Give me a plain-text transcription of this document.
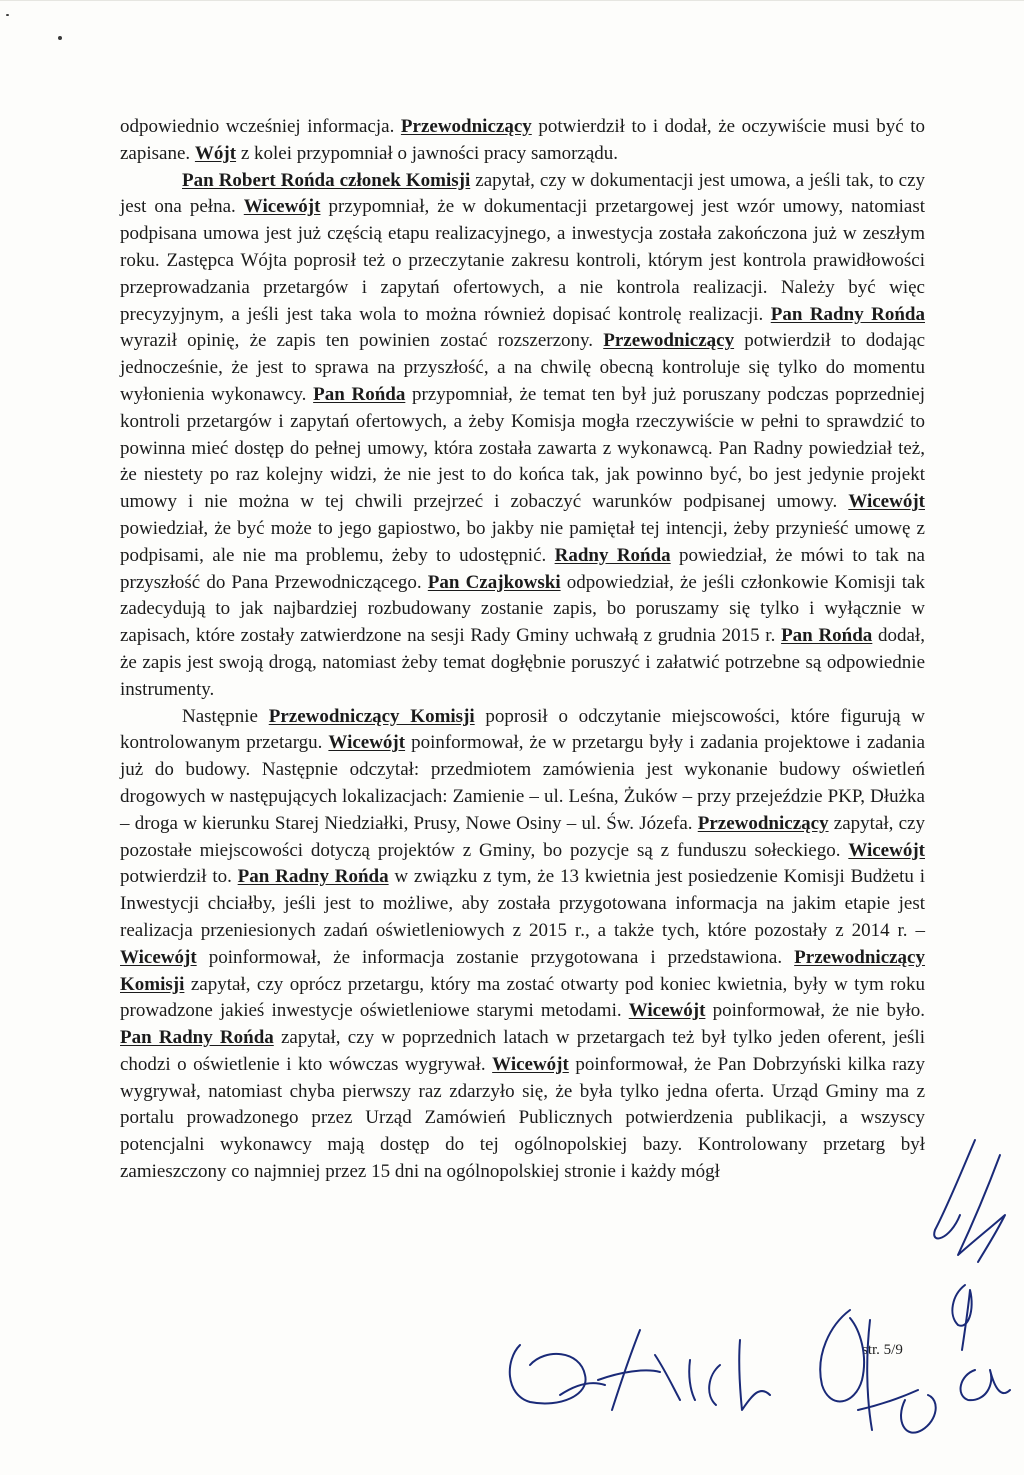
odpowiednio wcześniej informacja. Przewodniczący potwierdził to i dodał, że oczywiście musi być to zapisane. Wójt z kolei przypomniał o jawności pracy samorządu.

Pan Robert Rońda członek Komisji zapytał, czy w dokumentacji jest umowa, a jeśli tak, to czy jest ona pełna. Wicewójt przypomniał, że w dokumentacji przetargowej jest wzór umowy, natomiast podpisana umowa jest już częścią etapu realizacyjnego, a inwestycja została zakończona już w zeszłym roku. Zastępca Wójta poprosił też o przeczytanie zakresu kontroli, którym jest kontrola prawidłowości przeprowadzania przetargów i zapytań ofertowych, a nie kontrola realizacji. Należy być więc precyzyjnym, a jeśli jest taka wola to można również dopisać kontrolę realizacji. Pan Radny Rońda wyraził opinię, że zapis ten powinien zostać rozszerzony. Przewodniczący potwierdził to dodając jednocześnie, że jest to sprawa na przyszłość, a na chwilę obecną kontroluje się tylko do momentu wyłonienia wykonawcy. Pan Rońda przypomniał, że temat ten był już poruszany podczas poprzedniej kontroli przetargów i zapytań ofertowych, a żeby Komisja mogła rzeczywiście w pełni to sprawdzić to powinna mieć dostęp do pełnej umowy, która została zawarta z wykonawcą. Pan Radny powiedział też, że niestety po raz kolejny widzi, że nie jest to do końca tak, jak powinno być, bo jest jedynie projekt umowy i nie można w tej chwili przejrzeć i zobaczyć warunków podpisanej umowy. Wicewójt powiedział, że być może to jego gapiostwo, bo jakby nie pamiętał tej intencji, żeby przynieść umowę z podpisami, ale nie ma problemu, żeby to udostępnić. Radny Rońda powiedział, że mówi to tak na przyszłość do Pana Przewodniczącego. Pan Czajkowski odpowiedział, że jeśli członkowie Komisji tak zadecydują to jak najbardziej rozbudowany zostanie zapis, bo poruszamy się tylko i wyłącznie w zapisach, które zostały zatwierdzone na sesji Rady Gminy uchwałą z grudnia 2015 r. Pan Rońda dodał, że zapis jest swoją drogą, natomiast żeby temat dogłębnie poruszyć i załatwić potrzebne są odpowiednie instrumenty.

Następnie Przewodniczący Komisji poprosił o odczytanie miejscowości, które figurują w kontrolowanym przetargu. Wicewójt poinformował, że w przetargu były i zadania projektowe i zadania już do budowy. Następnie odczytał: przedmiotem zamówienia jest wykonanie budowy oświetleń drogowych w następujących lokalizacjach: Zamienie – ul. Leśna, Żuków – przy przejeździe PKP, Dłużka – droga w kierunku Starej Niedziałki, Prusy, Nowe Osiny – ul. Św. Józefa. Przewodniczący zapytał, czy pozostałe miejscowości dotyczą projektów z Gminy, bo pozycje są z funduszu sołeckiego. Wicewójt potwierdził to. Pan Radny Rońda w związku z tym, że 13 kwietnia jest posiedzenie Komisji Budżetu i Inwestycji chciałby, jeśli jest to możliwe, aby została przygotowana informacja na jakim etapie jest realizacja przeniesionych zadań oświetleniowych z 2015 r., a także tych, które pozostały z 2014 r. – Wicewójt poinformował, że informacja zostanie przygotowana i przedstawiona. Przewodniczący Komisji zapytał, czy oprócz przetargu, który ma zostać otwarty pod koniec kwietnia, były w tym roku prowadzone jakieś inwestycje oświetleniowe starymi metodami. Wicewójt poinformował, że nie było. Pan Radny Rońda zapytał, czy w poprzednich latach w przetargach też był tylko jeden oferent, jeśli chodzi o oświetlenie i kto wówczas wygrywał. Wicewójt poinformował, że Pan Dobrzyński kilka razy wygrywał, natomiast chyba pierwszy raz zdarzyło się, że była tylko jedna oferta. Urząd Gminy ma z portalu prowadzonego przez Urząd Zamówień Publicznych potwierdzenia publikacji, a wszyscy potencjalni wykonawcy mają dostęp do tej ogólnopolskiej bazy. Kontrolowany przetarg był zamieszczony co najmniej przez 15 dni na ogólnopolskiej stronie i każdy mógł

str. 5/9
